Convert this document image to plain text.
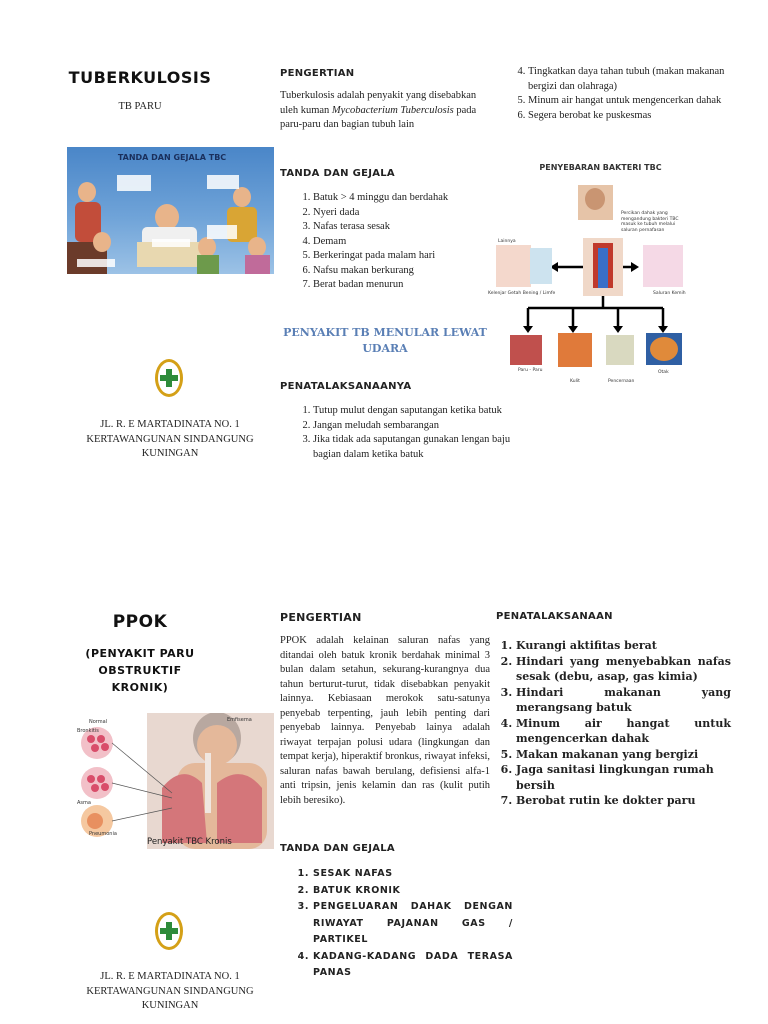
TUBERKULOSIS
TB PARU
TANDA DAN GEJALA TBC
JL. R. E MARTADINATA NO. 1
KERTAWANGUNAN SINDANGUNG
KUNINGAN
PENGERTIAN
Tuberkulosis adalah penyakit yang disebabkan uleh kuman Mycobacterium Tuberculosis pada paru-paru dan bagian tubuh lain
TANDA DAN GEJALA
1. Batuk > 4 minggu dan berdahak
2. Nyeri dada
3. Nafas terasa sesak
4. Demam
5. Berkeringat pada malam hari
6. Nafsu makan berkurang
7. Berat badan menurun
PENYAKIT TB MENULAR LEWAT
UDARA
PENATALAKSANAANYA
1. Tutup mulut dengan saputangan ketika batuk
2. Jangan meludah sembarangan
3. Jika tidak ada saputangan gunakan lengan baju bagian dalam ketika batuk
4. Tingkatkan daya tahan tubuh (makan makanan bergizi dan olahraga)
5. Minum air hangat untuk mengencerkan dahak
6. Segera berobat ke puskesmas
PENYEBARAN BAKTERI TBC
Percikan dahak yang mengandung bakteri TBC masuk ke tubuh melalui saluran pernafasan
Lainnya
Kelenjar Getah Bening / Limfe	Saluran Kemih
Paru - Paru
Kulit	Pencernaan
Otak
PPOK
(PENYAKIT PARU OBSTRUKTIF KRONIK)
Normal	Emfisema
Bronkitis
Asma
Pneumonia
Penyakit TBC Kronis
JL. R. E MARTADINATA NO. 1
KERTAWANGUNAN SINDANGUNG
KUNINGAN
PENGERTIAN
PPOK adalah kelainan saluran nafas yang ditandai oleh batuk kronik berdahak minimal 3 bulan dalam setahun, sekurang-kurangnya dua tahun berturut-turut, tidak disebabkan penyakit lainnya. Kebiasaan merokok satu-satunya penyebab terpenting, jauh lebih penting dari penyebab lainnya. Penyebab lainya adalah riwayat terpajan polusi udara (lingkungan dan tempat kerja), hiperaktif bronkus, riwayat infeksi, saluran nafas bawah berulang, defisiensi alfa-1 anti tripsin, jenis kelamin dan ras (kulit putih lebih beresiko).
TANDA DAN GEJALA
1. SESAK NAFAS
2. BATUK KRONIK
3. PENGELUARAN DAHAK DENGAN RIWAYAT PAJANAN GAS / PARTIKEL
4. KADANG-KADANG DADA TERASA PANAS
PENATALAKSANAAN
1. Kurangi aktifitas berat
2. Hindari yang menyebabkan nafas sesak (debu, asap, gas kimia)
3. Hindari makanan yang merangsang batuk
4. Minum air hangat untuk mengencerkan dahak
5. Makan makanan yang bergizi
6. Jaga sanitasi lingkungan rumah bersih
7. Berobat rutin ke dokter paru
